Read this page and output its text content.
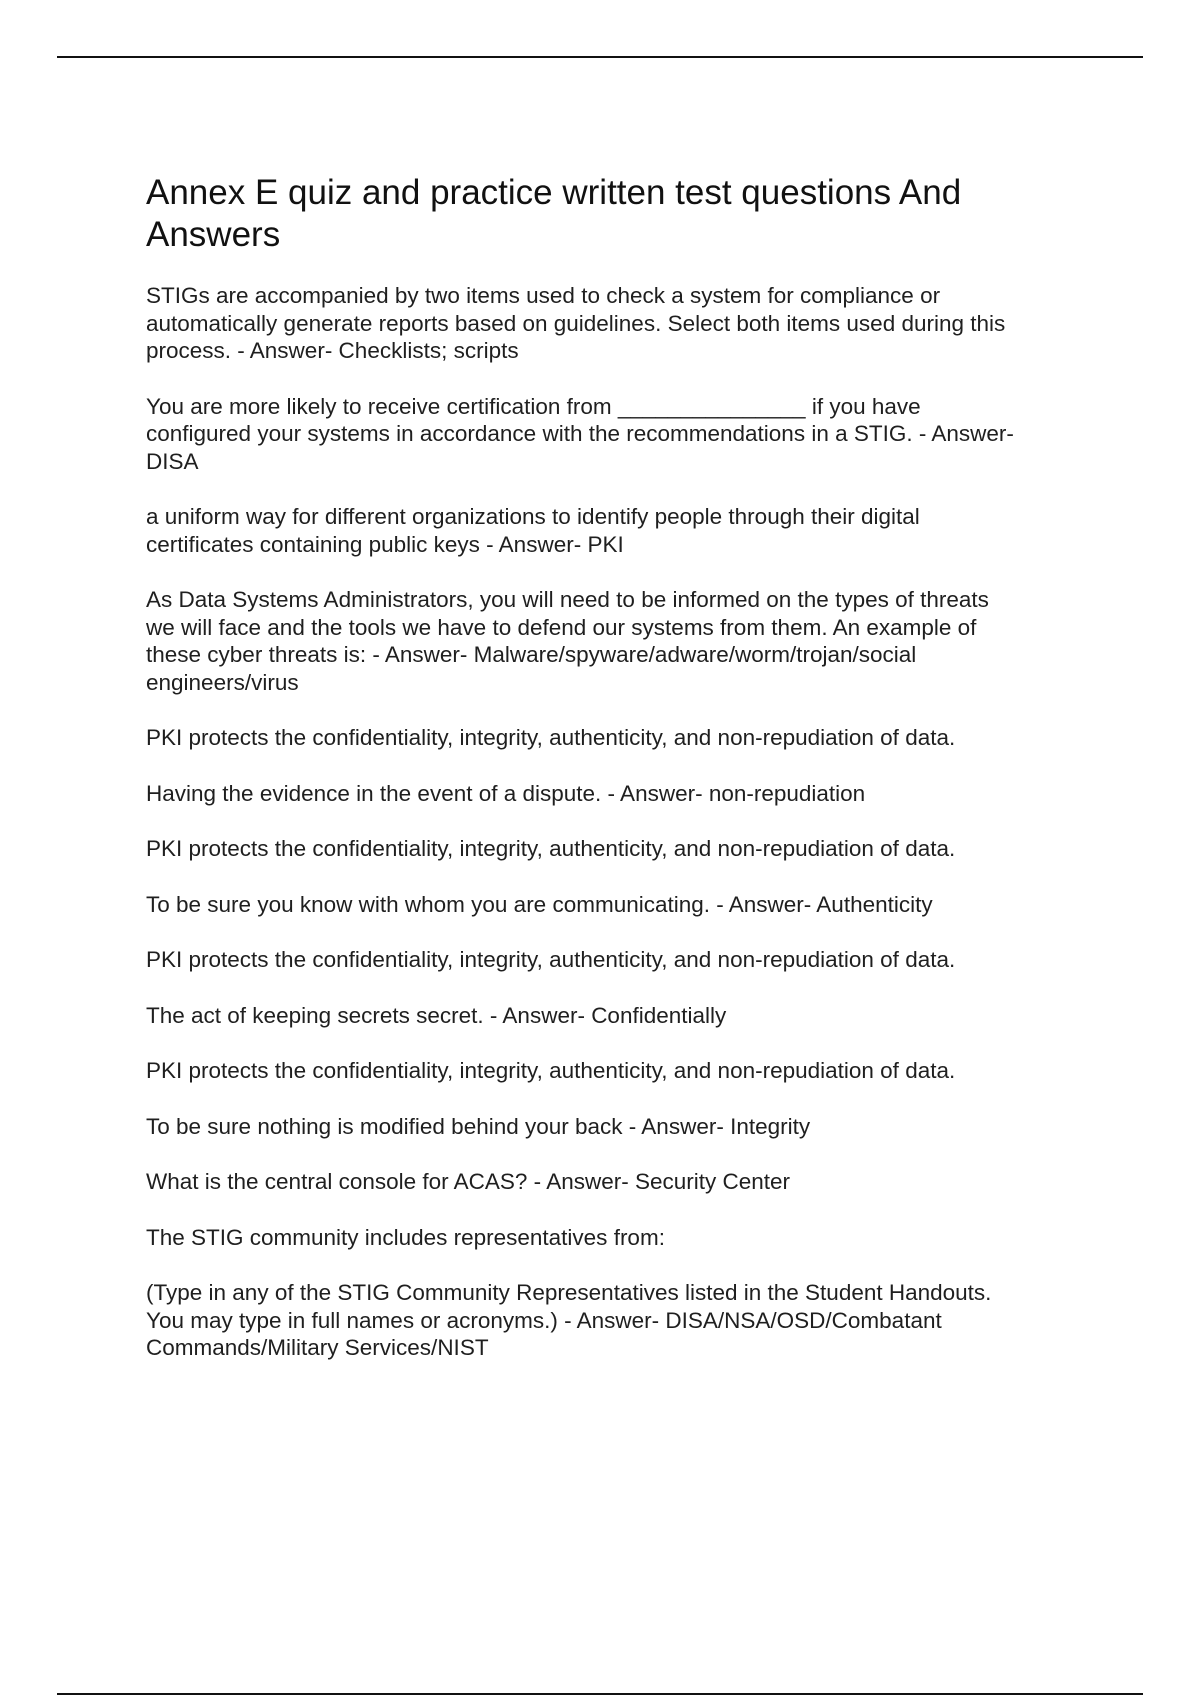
Annex E quiz and practice written test questions And Answers

STIGs are accompanied by two items used to check a system for compliance or
automatically generate reports based on guidelines. Select both items used during this
process. - Answer- Checklists; scripts

You are more likely to receive certification from _______________ if you have
configured your systems in accordance with the recommendations in a STIG. - Answer-
DISA

a uniform way for different organizations to identify people through their digital
certificates containing public keys - Answer- PKI

As Data Systems Administrators, you will need to be informed on the types of threats
we will face and the tools we have to defend our systems from them. An example of
these cyber threats is: - Answer- Malware/spyware/adware/worm/trojan/social
engineers/virus

PKI protects the confidentiality, integrity, authenticity, and non-repudiation of data.

Having the evidence in the event of a dispute. - Answer- non-repudiation

PKI protects the confidentiality, integrity, authenticity, and non-repudiation of data.

To be sure you know with whom you are communicating. - Answer- Authenticity

PKI protects the confidentiality, integrity, authenticity, and non-repudiation of data.

The act of keeping secrets secret. - Answer- Confidentially

PKI protects the confidentiality, integrity, authenticity, and non-repudiation of data.

To be sure nothing is modified behind your back - Answer- Integrity

What is the central console for ACAS? - Answer- Security Center

The STIG community includes representatives from:

(Type in any of the STIG Community Representatives listed in the Student Handouts.
You may type in full names or acronyms.) - Answer- DISA/NSA/OSD/Combatant
Commands/Military Services/NIST
